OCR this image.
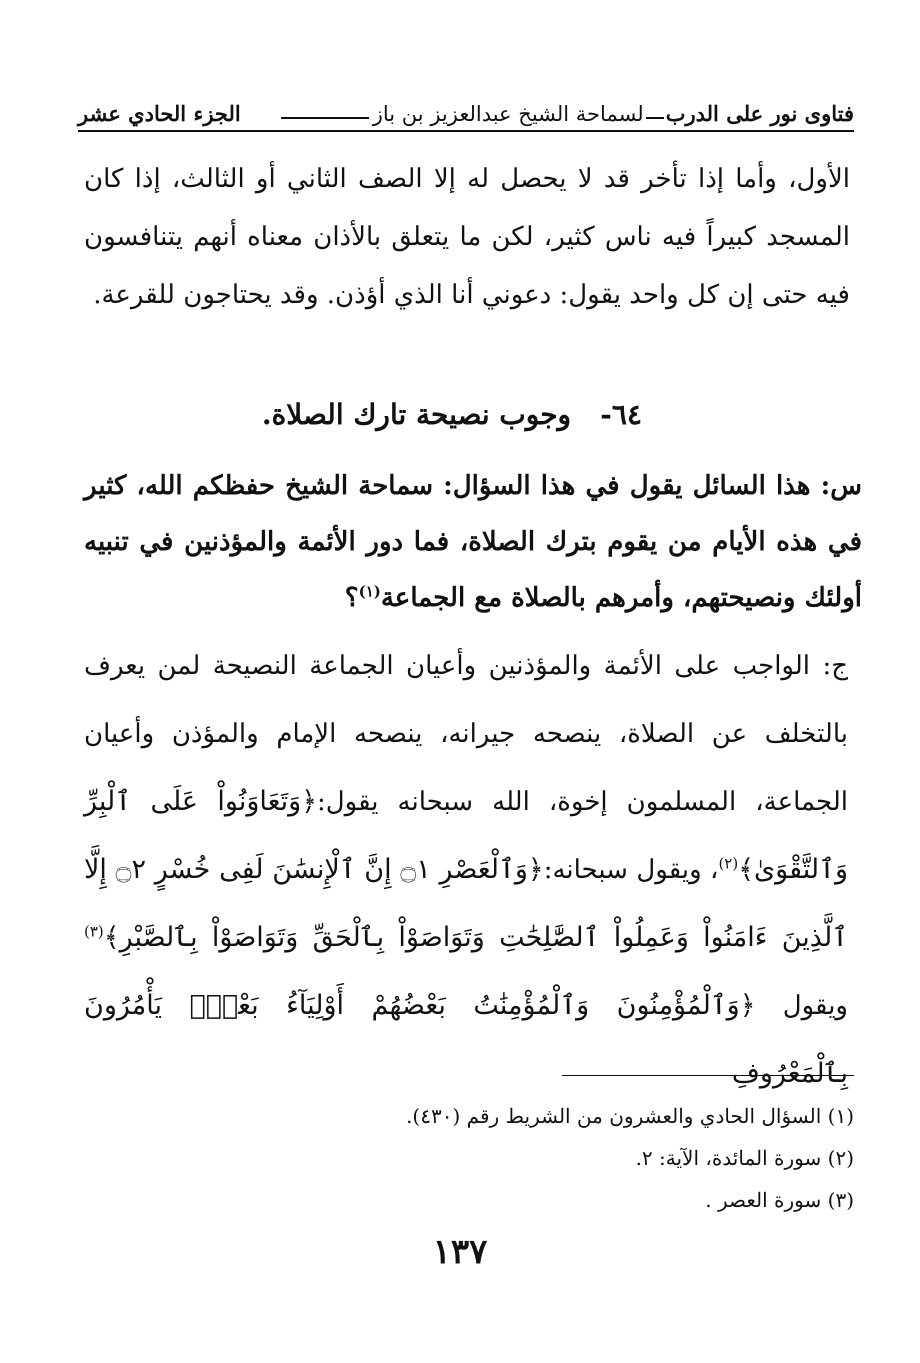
فتاوى نور على الدرب
لسماحة الشيخ عبدالعزيز بن باز
الجزء الحادي عشر
الأول، وأما إذا تأخر قد لا يحصل له إلا الصف الثاني أو الثالث، إذا كان المسجد كبيراً فيه ناس كثير، لكن ما يتعلق بالأذان معناه أنهم يتنافسون فيه حتى إن كل واحد يقول: دعوني أنا الذي أؤذن. وقد يحتاجون للقرعة.
٦٤-   وجوب نصيحة تارك الصلاة.
س: هذا السائل يقول في هذا السؤال: سماحة الشيخ حفظكم الله، كثير في هذه الأيام من يقوم بترك الصلاة، فما دور الأئمة والمؤذنين في تنبيه أولئك ونصيحتهم، وأمرهم بالصلاة مع الجماعة$^{(١)}$؟
ج: الواجب على الأئمة والمؤذنين وأعيان الجماعة النصيحة لمن يعرف بالتخلف عن الصلاة، ينصحه جيرانه، ينصحه الإمام والمؤذن وأعيان الجماعة، المسلمون إخوة، الله سبحانه يقول:﴿وَتَعَاوَنُواْ عَلَى ٱلْبِرِّ وَٱلتَّقْوَىٰ﴾$^{(٢)}$، ويقول سبحانه:﴿وَٱلْعَصْرِ ۝١ إِنَّ ٱلْإِنسَٰنَ لَفِى خُسْرٍ ۝٢ إِلَّا ٱلَّذِينَ ءَامَنُواْ وَعَمِلُواْ ٱلصَّٰلِحَٰتِ وَتَوَاصَوْاْ بِٱلْحَقِّ وَتَوَاصَوْاْ بِٱلصَّبْرِ﴾$^{(٣)}$ ويقول ﴿وَٱلْمُؤْمِنُونَ وَٱلْمُؤْمِنَٰتُ بَعْضُهُمْ أَوْلِيَآءُ بَعْضٍۚ يَأْمُرُونَ بِٱلْمَعْرُوفِ
(١) السؤال الحادي والعشرون من الشريط رقم (٤٣٠).
(٢) سورة المائدة، الآية: ٢.
(٣) سورة العصر .
١٣٧
